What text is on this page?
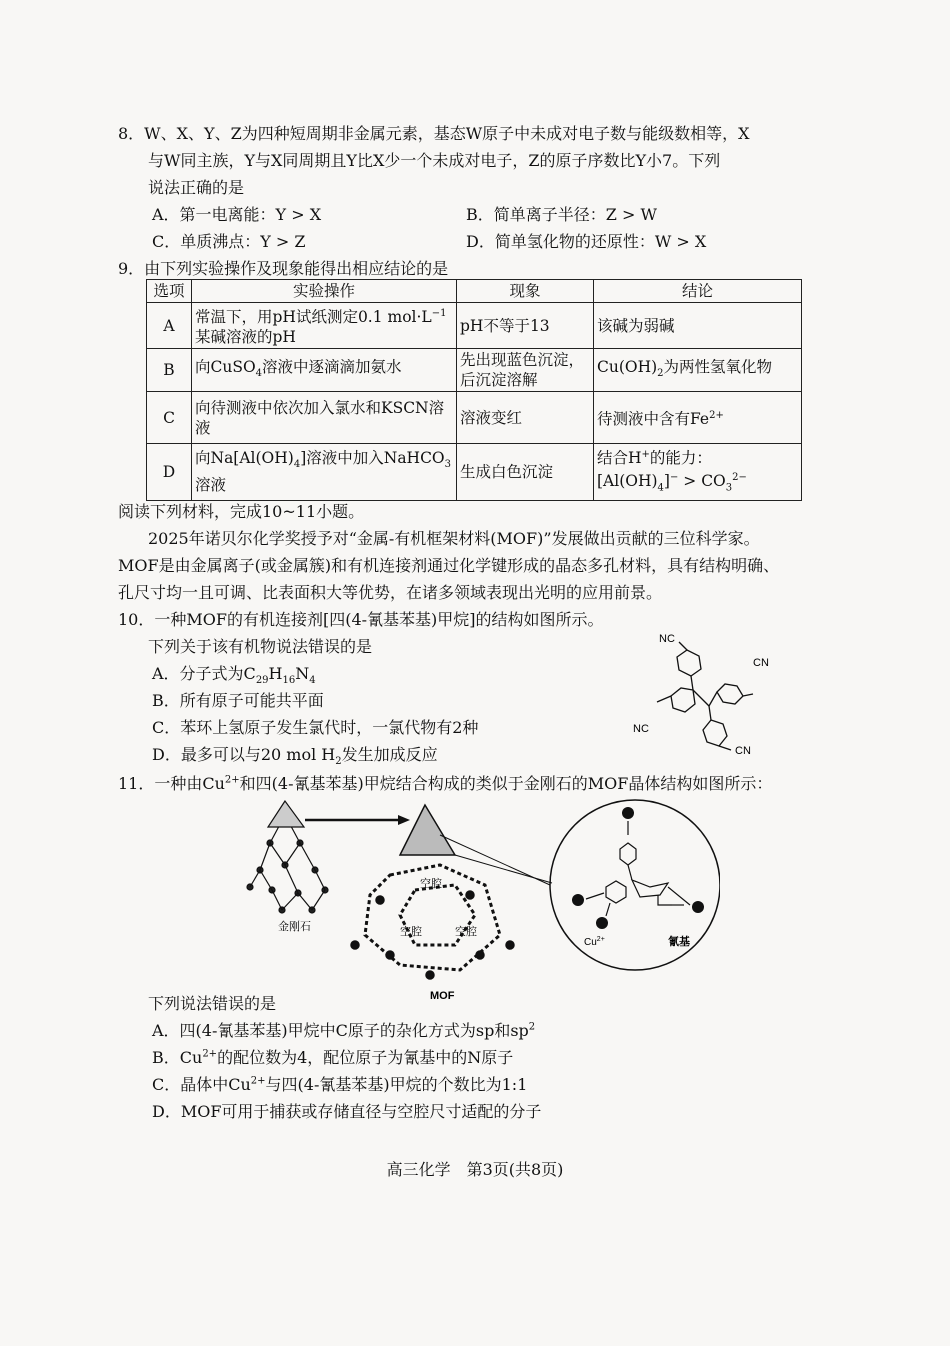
8．W、X、Y、Z为四种短周期非金属元素，基态W原子中未成对电子数与能级数相等，X
与W同主族，Y与X同周期且Y比X少一个未成对电子，Z的原子序数比Y小7。下列
说法正确的是
A．第一电离能：Y > X	B．简单离子半径：Z > W
C．单质沸点：Y > Z	D．简单氢化物的还原性：W > X
9．由下列实验操作及现象能得出相应结论的是
选项	实验操作	现象	结论
A	常温下，用pH试纸测定0.1 $mol\cdot L^{-1}$
某碱溶液的pH	pH不等于13	该碱为弱碱
B	向CuSO$_4$溶液中逐滴滴加氨水	先出现蓝色沉淀，后沉淀溶解	$Cu(OH)_2$为两性氢氧化物
C	向待测液中依次加入氯水和KSCN溶液	溶液变红	待测液中含有$Fe^{2+}$
D	向$Na[Al(OH)_4]$溶液中加入NaHCO$_3$
溶液	生成白色沉淀	结合H+的能力：
$[Al(OH)_4]^- > CO_3^{2-}$
阅读下列材料，完成10~11小题。
2025年诺贝尔化学奖授予对“金属-有机框架材料(MOF)”发展做出贡献的三位科学家。
MOF是由金属离子(或金属簇)和有机连接剂通过化学键形成的晶态多孔材料，具有结构明确、
孔尺寸均一且可调、比表面积大等优势，在诸多领域表现出光明的应用前景。
10．一种MOF的有机连接剂[四(4-氰基苯基)甲烷]的结构如图所示。
下列关于该有机物说法错误的是
A．分子式为$C_{29}H_{16}N_4$
B．所有原子可能共平面
C．苯环上氢原子发生氯代时，一氯代物有2种
D．最多可以与20 mol $H_2$发生加成反应
NC
CN
NC
CN
11．一种由$Cu^{2+}$和四(4-氰基苯基)甲烷结合构成的类似于金刚石的MOF晶体结构如图所示：
金刚石
空腔
空腔	空腔
MOF
$Cu^{2+}$	氰基
下列说法错误的是
A．四(4-氰基苯基)甲烷中C原子的杂化方式为sp和$sp^2$
B．$Cu^{2+}$的配位数为4，配位原子为氰基中的N原子
C．晶体中$Cu^{2+}$与四(4-氰基苯基)甲烷的个数比为1:1
D．MOF可用于捕获或存储直径与空腔尺寸适配的分子
高三化学　第3页(共8页)
